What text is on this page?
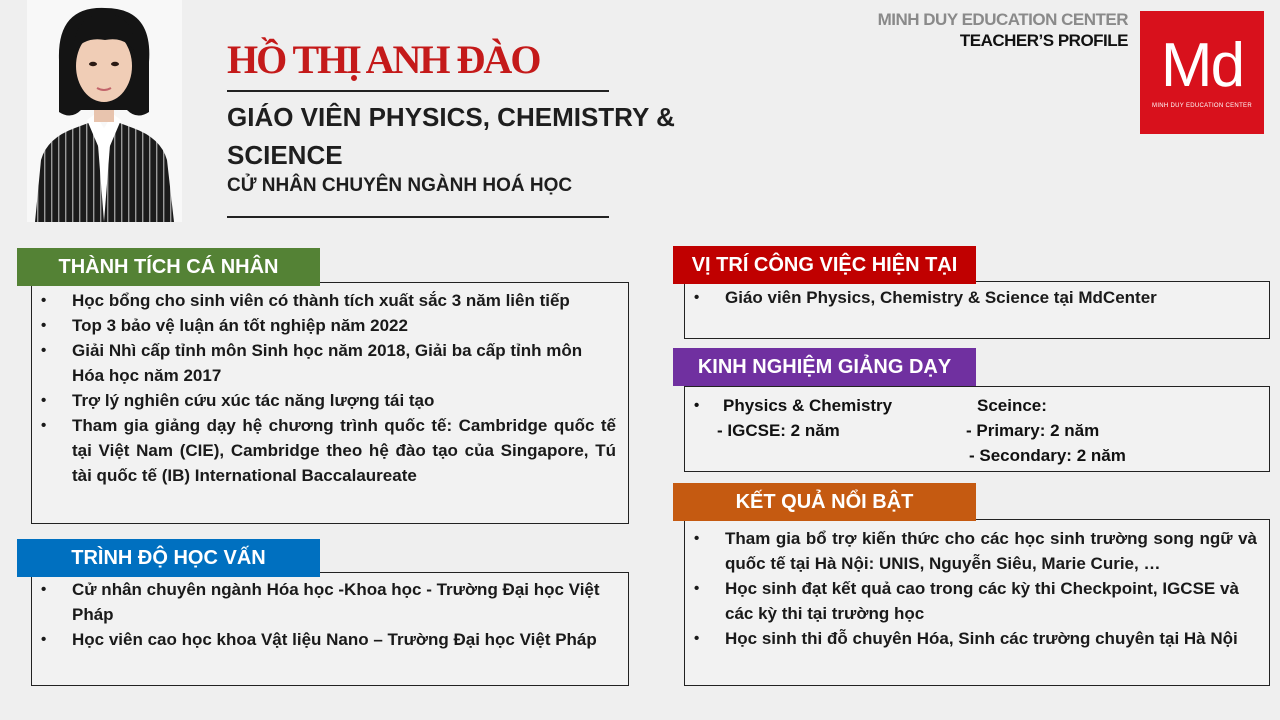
HỒ THỊ ANH ĐÀO
GIÁO VIÊN PHYSICS, CHEMISTRY & SCIENCE
CỬ NHÂN CHUYÊN NGÀNH HOÁ HỌC
MINH DUY EDUCATION CENTER
TEACHER’S PROFILE Md
MINH DUY EDUCATION CENTER
• Học bổng cho sinh viên có thành tích xuất sắc 3 năm liên tiếp
• Top 3 bảo vệ luận án tốt nghiệp năm 2022
• Giải Nhì cấp tỉnh môn Sinh học năm 2018, Giải ba cấp tỉnh môn Hóa học năm 2017
• Trợ lý nghiên cứu xúc tác năng lượng tái tạo
• Tham gia giảng dạy hệ chương trình quốc tế: Cambridge quốc tế tại Việt Nam (CIE), Cambridge theo hệ đào tạo của Singapore, Tú tài quốc tế (IB) International Baccalaureate
THÀNH TÍCH CÁ NHÂN
• Cử nhân chuyên ngành Hóa học -Khoa học - Trường Đại học Việt Pháp
• Học viên cao học khoa Vật liệu Nano – Trường Đại học Việt Pháp
TRÌNH ĐỘ HỌC VẤN
• Giáo viên Physics, Chemistry & Science tại MdCenter
VỊ TRÍ CÔNG VIỆC HIỆN TẠI
• Physics & Chemistry	Sceince:
- IGCSE: 2 năm	- Primary: 2 năm
- Secondary: 2 năm
KINH NGHIỆM GIẢNG DẠY
• Tham gia bổ trợ kiến thức cho các học sinh trường song ngữ và quốc tế tại Hà Nội: UNIS, Nguyễn Siêu, Marie Curie, …
• Học sinh đạt kết quả cao trong các kỳ thi Checkpoint, IGCSE và các kỳ thi tại trường học
• Học sinh thi đỗ chuyên Hóa, Sinh các trường chuyên tại Hà Nội
KẾT QUẢ NỔI BẬT
